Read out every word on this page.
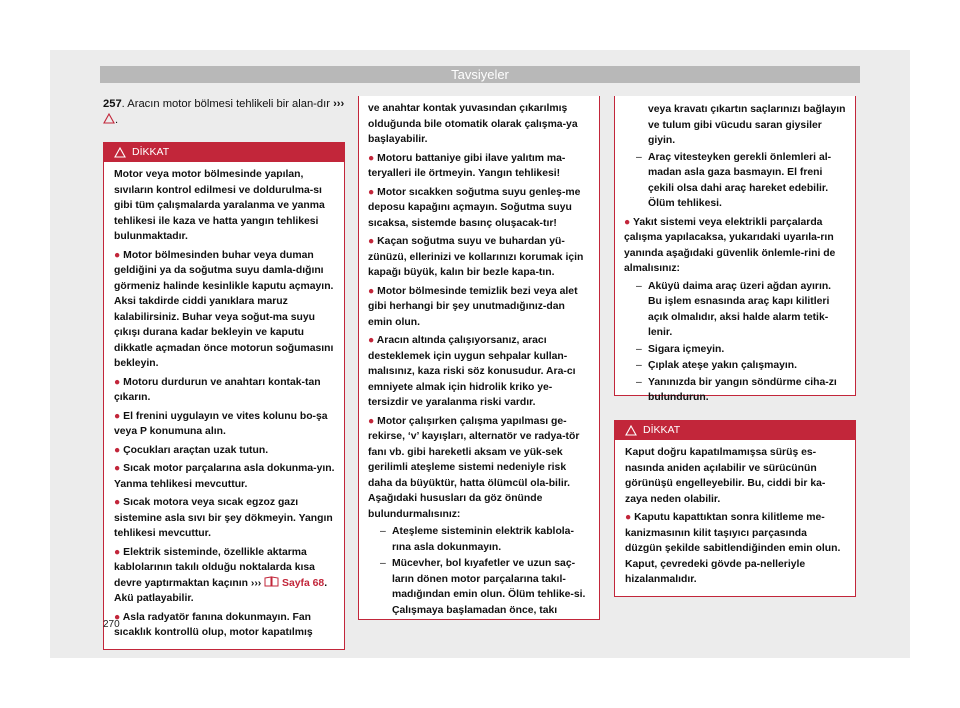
Tavsiyeler

257. Aracın motor bölmesi tehlikeli bir alan-dır ››› .

DİKKAT

Motor veya motor bölmesinde yapılan, sıvıların kontrol edilmesi ve doldurulma-sı gibi tüm çalışmalarda yaralanma ve yanma tehlikesi ile kaza ve hatta yangın tehlikesi bulunmaktadır.

● Motor bölmesinden buhar veya duman geldiğini ya da soğutma suyu damla-dığını görmeniz halinde kesinlikle kaputu açmayın. Aksi takdirde ciddi yanıklara maruz kalabilirsiniz. Buhar veya soğut-ma suyu çıkışı durana kadar bekleyin ve kaputu dikkatle açmadan önce motorun soğumasını bekleyin.

● Motoru durdurun ve anahtarı kontak-tan çıkarın.

● El frenini uygulayın ve vites kolunu bo-şa veya P konumuna alın.

● Çocukları araçtan uzak tutun.

● Sıcak motor parçalarına asla dokunma-yın. Yanma tehlikesi mevcuttur.

● Sıcak motora veya sıcak egzoz gazı sistemine asla sıvı bir şey dökmeyin. Yangın tehlikesi mevcuttur.

● Elektrik sisteminde, özellikle aktarma kablolarının takılı olduğu noktalarda kısa devre yaptırmaktan kaçının ›››  Sayfa 68. Akü patlayabilir.

● Asla radyatör fanına dokunmayın. Fan sıcaklık kontrollü olup, motor kapatılmış

ve anahtar kontak yuvasından çıkarılmış olduğunda bile otomatik olarak çalışma-ya başlayabilir.

● Motoru battaniye gibi ilave yalıtım ma-teryalleri ile örtmeyin. Yangın tehlikesi!

● Motor sıcakken soğutma suyu genleş-me deposu kapağını açmayın. Soğutma suyu sıcaksa, sistemde basınç oluşacak-tır!

● Kaçan soğutma suyu ve buhardan yü-zünüzü, ellerinizi ve kollarınızı korumak için kapağı büyük, kalın bir bezle kapa-tın.

● Motor bölmesinde temizlik bezi veya alet gibi herhangi bir şey unutmadığınız-dan emin olun.

● Aracın altında çalışıyorsanız, aracı desteklemek için uygun sehpalar kullan-malısınız, kaza riski söz konusudur. Ara-cı emniyete almak için hidrolik kriko ye-tersizdir ve yaralanma riski vardır.

● Motor çalışırken çalışma yapılması ge-rekirse, ‘v’ kayışları, alternatör ve radya-tör fanı vb. gibi hareketli aksam ve yük-sek gerilimli ateşleme sistemi nedeniyle risk daha da büyüktür, hatta ölümcül ola-bilir. Aşağıdaki hususları da göz önünde bulundurmalısınız:

– Ateşleme sisteminin elektrik kablola-rına asla dokunmayın.

– Mücevher, bol kıyafetler ve uzun saç-ların dönen motor parçalarına takıl-madığından emin olun. Ölüm tehlike-si. Çalışmaya başlamadan önce, takı

veya kravatı çıkartın saçlarınızı bağlayın ve tulum gibi vücudu saran giysiler giyin.

– Araç vitesteyken gerekli önlemleri al-madan asla gaza basmayın. El freni çekili olsa dahi araç hareket edebilir. Ölüm tehlikesi.

● Yakıt sistemi veya elektrikli parçalarda çalışma yapılacaksa, yukarıdaki uyarıla-rın yanında aşağıdaki güvenlik önlemle-rini de almalısınız:

– Aküyü daima araç üzeri ağdan ayırın. Bu işlem esnasında araç kapı kilitleri açık olmalıdır, aksi halde alarm tetik-lenir.

– Sigara içmeyin.

– Çıplak ateşe yakın çalışmayın.

– Yanınızda bir yangın söndürme ciha-zı bulundurun.

DİKKAT

Kaput doğru kapatılmamışsa sürüş es-nasında aniden açılabilir ve sürücünün görünüşü engelleyebilir. Bu, ciddi bir ka-zaya neden olabilir.

● Kaputu kapattıktan sonra kilitleme me-kanizmasının kilit taşıyıcı parçasında düzgün şekilde sabitlendiğinden emin olun. Kaput, çevredeki gövde pa-nelleriyle hizalanmalıdır.

270
